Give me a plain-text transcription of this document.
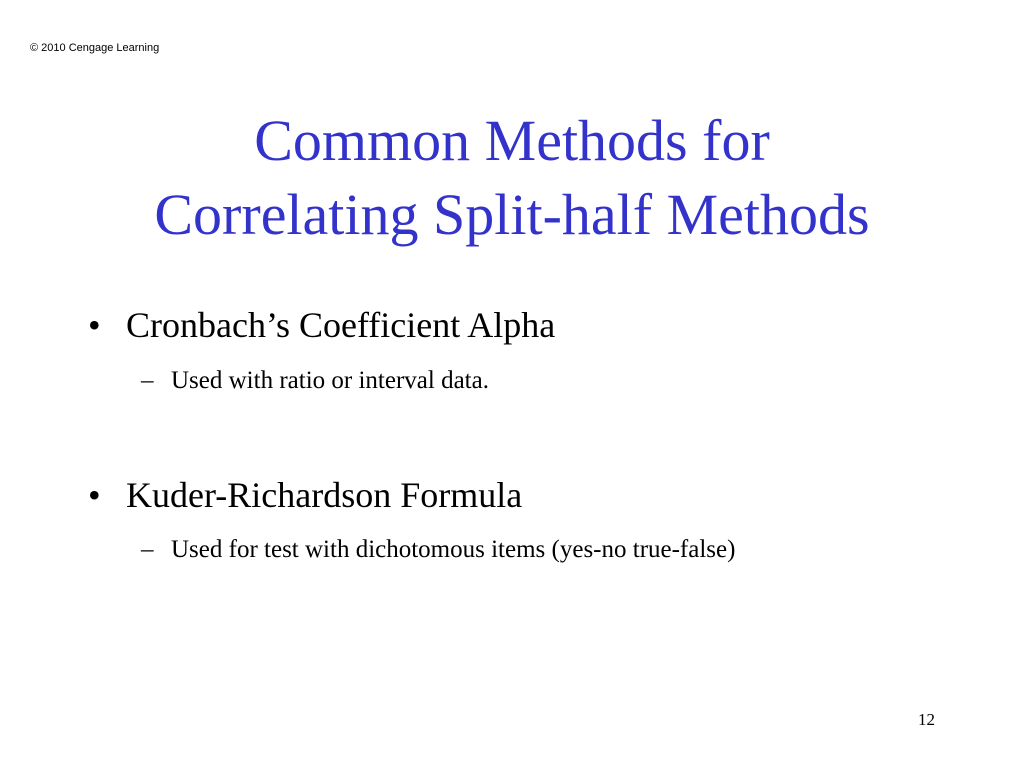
© 2010 Cengage Learning
Common Methods for
Correlating Split-half Methods
• Cronbach’s Coefficient Alpha
– Used with ratio or interval data.
• Kuder-Richardson Formula
– Used for test with dichotomous items (yes-no true-false)
12
